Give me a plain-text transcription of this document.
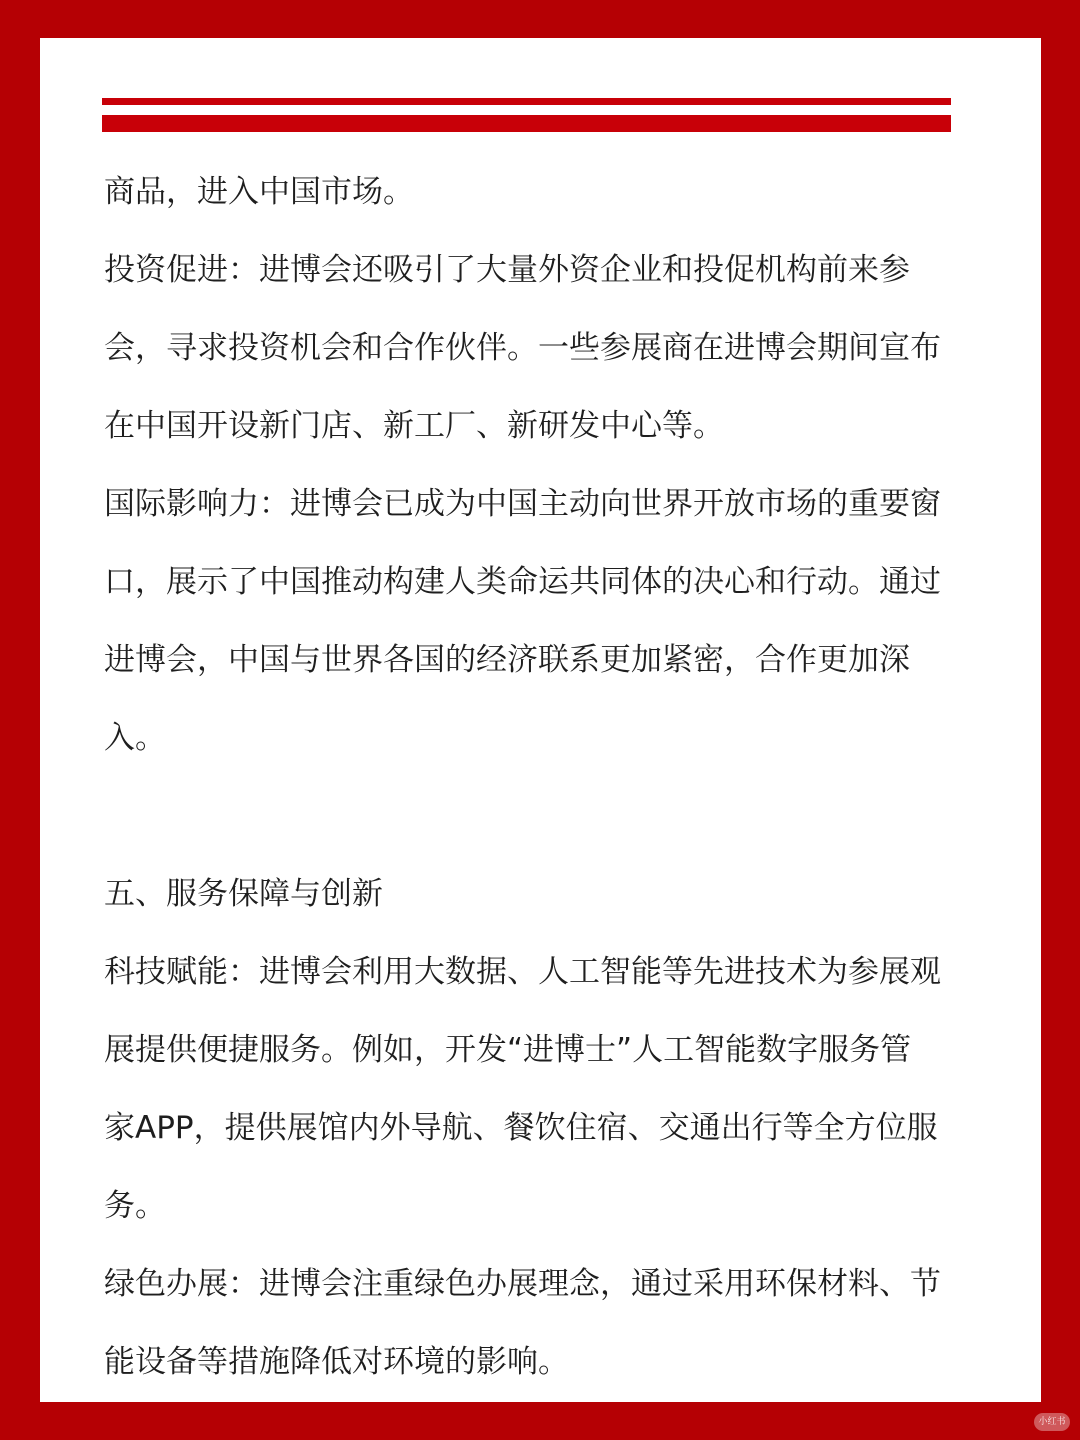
商品，进入中国市场。
投资促进：进博会还吸引了大量外资企业和投促机构前来参
会，寻求投资机会和合作伙伴。一些参展商在进博会期间宣布
在中国开设新门店、新工厂、新研发中心等。
国际影响力：进博会已成为中国主动向世界开放市场的重要窗
口，展示了中国推动构建人类命运共同体的决心和行动。通过
进博会，中国与世界各国的经济联系更加紧密，合作更加深
入。
五、服务保障与创新
科技赋能：进博会利用大数据、人工智能等先进技术为参展观
展提供便捷服务。例如，开发“进博士”人工智能数字服务管
家APP，提供展馆内外导航、餐饮住宿、交通出行等全方位服
务。
绿色办展：进博会注重绿色办展理念，通过采用环保材料、节
能设备等措施降低对环境的影响。
小红书
